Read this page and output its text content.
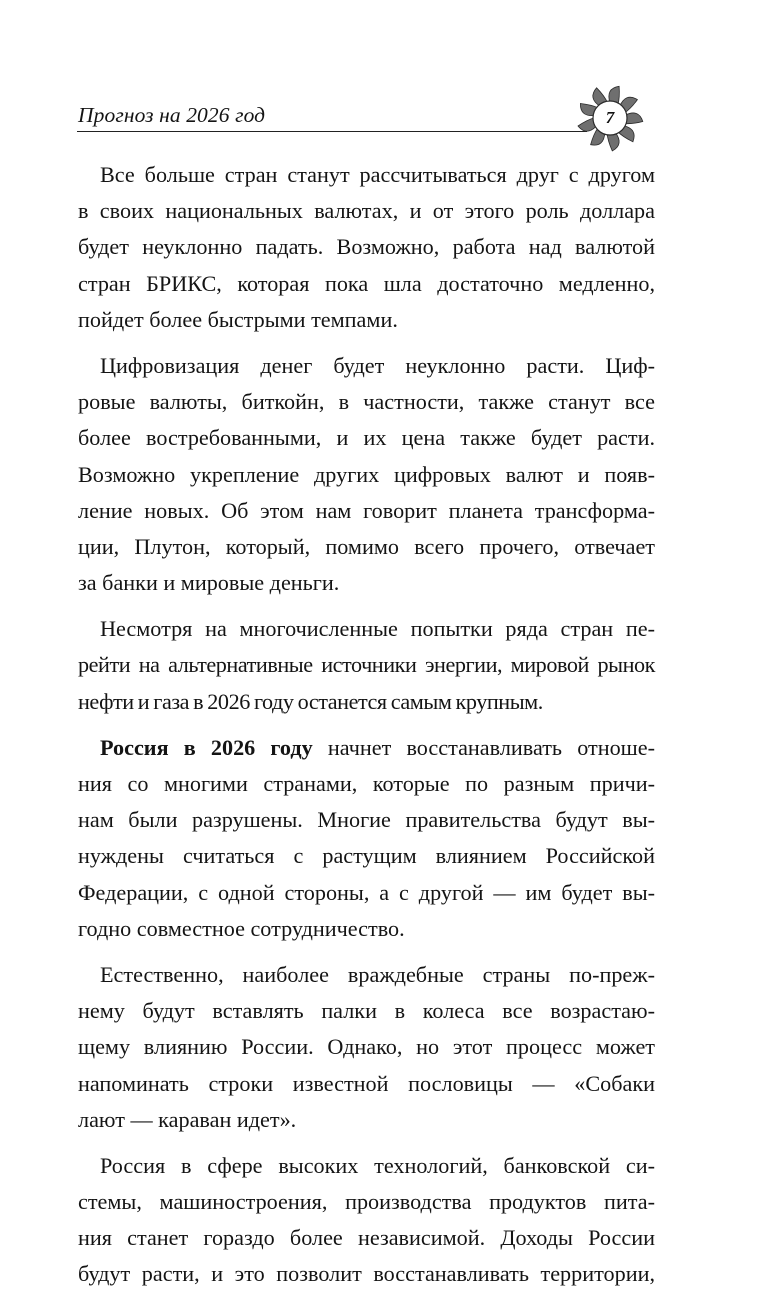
Прогноз на 2026 год	7
Все больше стран станут рассчитываться друг с другом
в своих национальных валютах, и от этого роль доллара
будет неуклонно падать. Возможно, работа над валютой
стран БРИКС, которая пока шла достаточно медленно,
пойдет более быстрыми темпами.
Цифровизация денег будет неуклонно расти. Циф-
ровые валюты, биткойн, в частности, также станут все
более востребованными, и их цена также будет расти.
Возможно укрепление других цифровых валют и появ-
ление новых. Об этом нам говорит планета трансформа-
ции, Плутон, который, помимо всего прочего, отвечает
за банки и мировые деньги.
Несмотря на многочисленные попытки ряда стран пе-
рейти на альтернативные источники энергии, мировой рынок
нефти и газа в 2026 году останется самым крупным.
Россия в 2026 году начнет восстанавливать отноше-
ния со многими странами, которые по разным причи-
нам были разрушены. Многие правительства будут вы-
нуждены считаться с растущим влиянием Российской
Федерации, с одной стороны, а с другой — им будет вы-
годно совместное сотрудничество.
Естественно, наиболее враждебные страны по-преж-
нему будут вставлять палки в колеса все возрастаю-
щему влиянию России. Однако, но этот процесс может
напоминать строки известной пословицы — «Собаки
лают — караван идет».
Россия в сфере высоких технологий, банковской си-
стемы, машиностроения, производства продуктов пита-
ния станет гораздо более независимой. Доходы России
будут расти, и это позволит восстанавливать территории,
